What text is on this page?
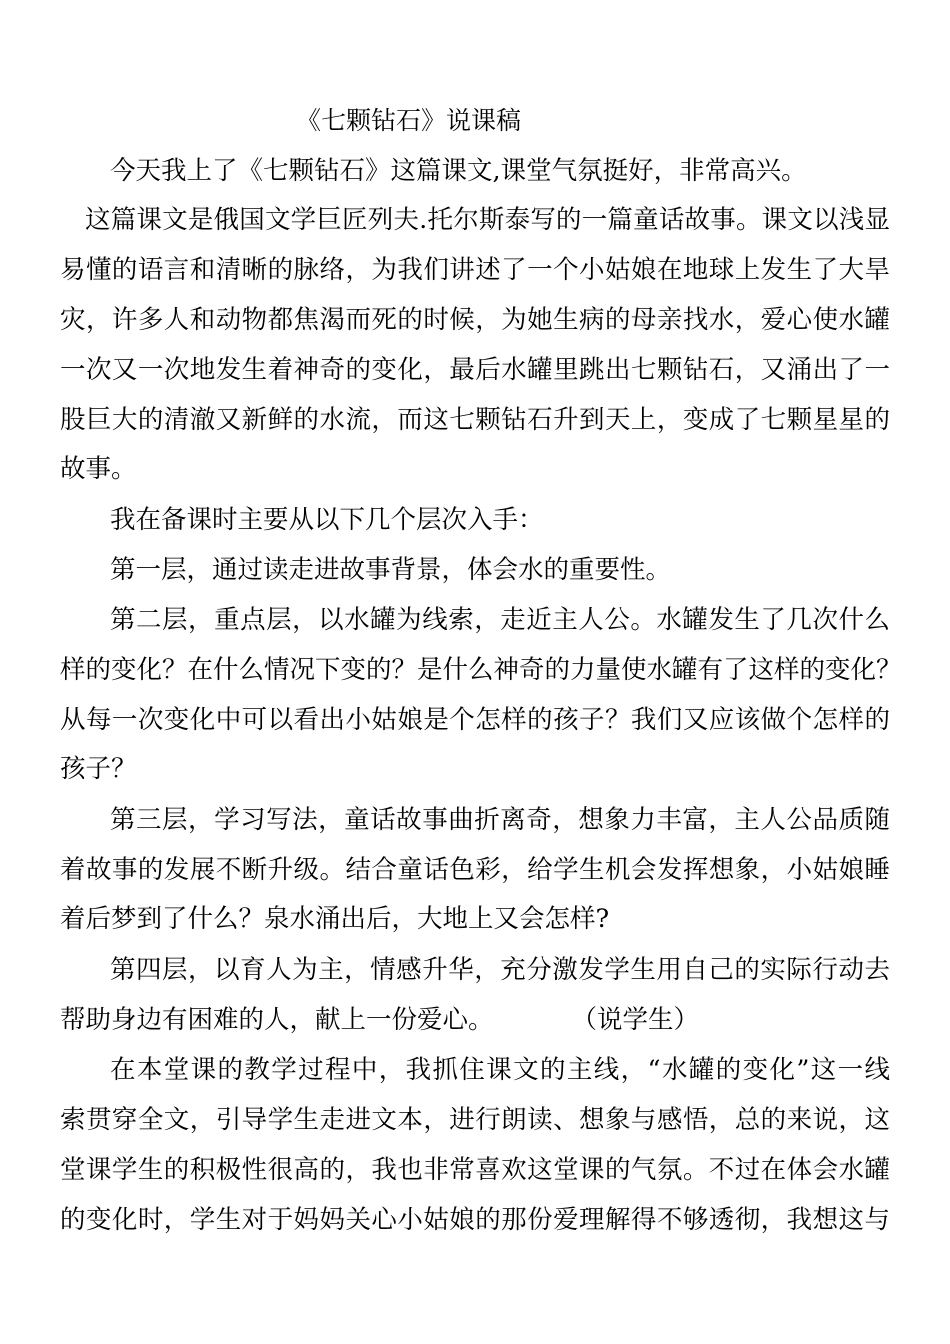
《七颗钻石》说课稿
今天我上了《七颗钻石》这篇课文,课堂气氛挺好，非常高兴。
这篇课文是俄国文学巨匠列夫.托尔斯泰写的一篇童话故事。课文以浅显
易懂的语言和清晰的脉络，为我们讲述了一个小姑娘在地球上发生了大旱
灾，许多人和动物都焦渴而死的时候，为她生病的母亲找水，爱心使水罐
一次又一次地发生着神奇的变化，最后水罐里跳出七颗钻石，又涌出了一
股巨大的清澈又新鲜的水流，而这七颗钻石升到天上，变成了七颗星星的
故事。
我在备课时主要从以下几个层次入手：
第一层，通过读走进故事背景，体会水的重要性。
第二层，重点层，以水罐为线索，走近主人公。水罐发生了几次什么
样的变化？在什么情况下变的？是什么神奇的力量使水罐有了这样的变化？
从每一次变化中可以看出小姑娘是个怎样的孩子？我们又应该做个怎样的
孩子？
第三层，学习写法，童话故事曲折离奇，想象力丰富，主人公品质随
着故事的发展不断升级。结合童话色彩，给学生机会发挥想象，小姑娘睡
着后梦到了什么？泉水涌出后，大地上又会怎样?
第四层，以育人为主，情感升华，充分激发学生用自己的实际行动去
帮助身边有困难的人，献上一份爱心。	（说学生）
在本堂课的教学过程中，我抓住课文的主线，“水罐的变化”这一线
索贯穿全文，引导学生走进文本，进行朗读、想象与感悟，总的来说，这
堂课学生的积极性很高的，我也非常喜欢这堂课的气氛。不过在体会水罐
的变化时，学生对于妈妈关心小姑娘的那份爱理解得不够透彻，我想这与
